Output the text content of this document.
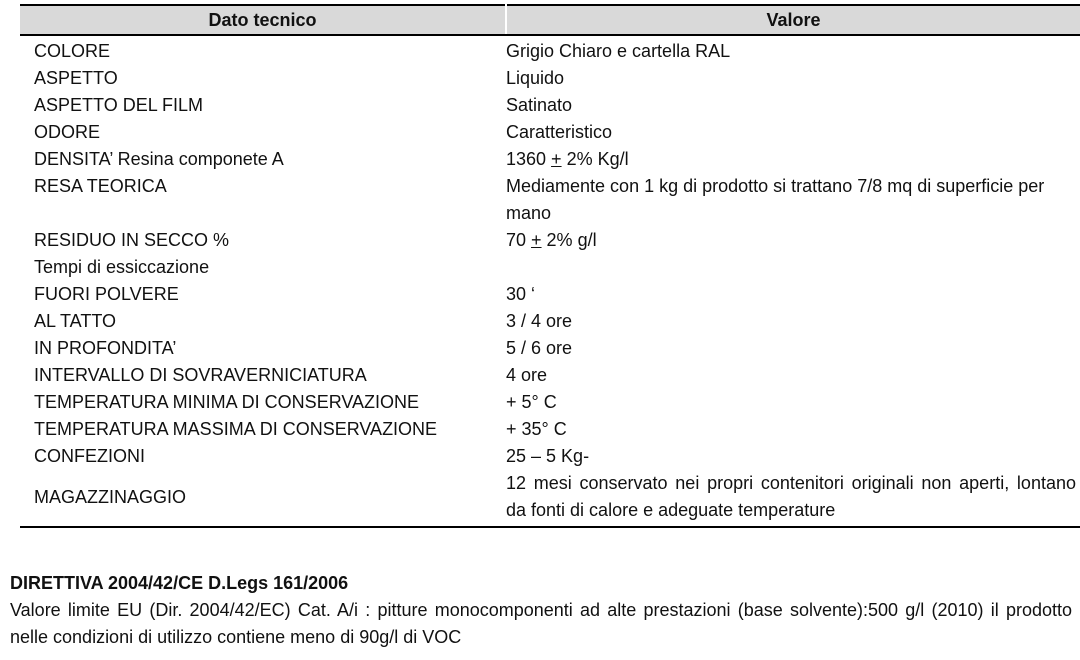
Dato tecnico	Valore
COLORE	Grigio Chiaro e cartella RAL
ASPETTO	Liquido
ASPETTO DEL FILM	Satinato
ODORE	Caratteristico
DENSITA’ Resina componete A	1360 + 2% Kg/l
RESA TEORICA	Mediamente con 1 kg di prodotto si trattano 7/8 mq di superficie per mano
RESIDUO IN SECCO %	70 + 2% g/l
Tempi di essiccazione	
FUORI POLVERE	30 ‘
AL TATTO	3 / 4 ore
IN PROFONDITA’	5 / 6 ore
INTERVALLO DI SOVRAVERNICIATURA	4 ore
TEMPERATURA MINIMA DI CONSERVAZIONE	+ 5° C
TEMPERATURA MASSIMA DI CONSERVAZIONE	+ 35° C
CONFEZIONI	25 – 5 Kg-
MAGAZZINAGGIO	12 mesi conservato nei propri contenitori originali non aperti, lontano da fonti di calore e adeguate temperature
DIRETTIVA 2004/42/CE D.Legs 161/2006
Valore limite EU (Dir. 2004/42/EC) Cat. A/i : pitture monocomponenti ad alte prestazioni (base solvente):500 g/l (2010) il prodotto nelle condizioni di utilizzo contiene meno di 90g/l di VOC
